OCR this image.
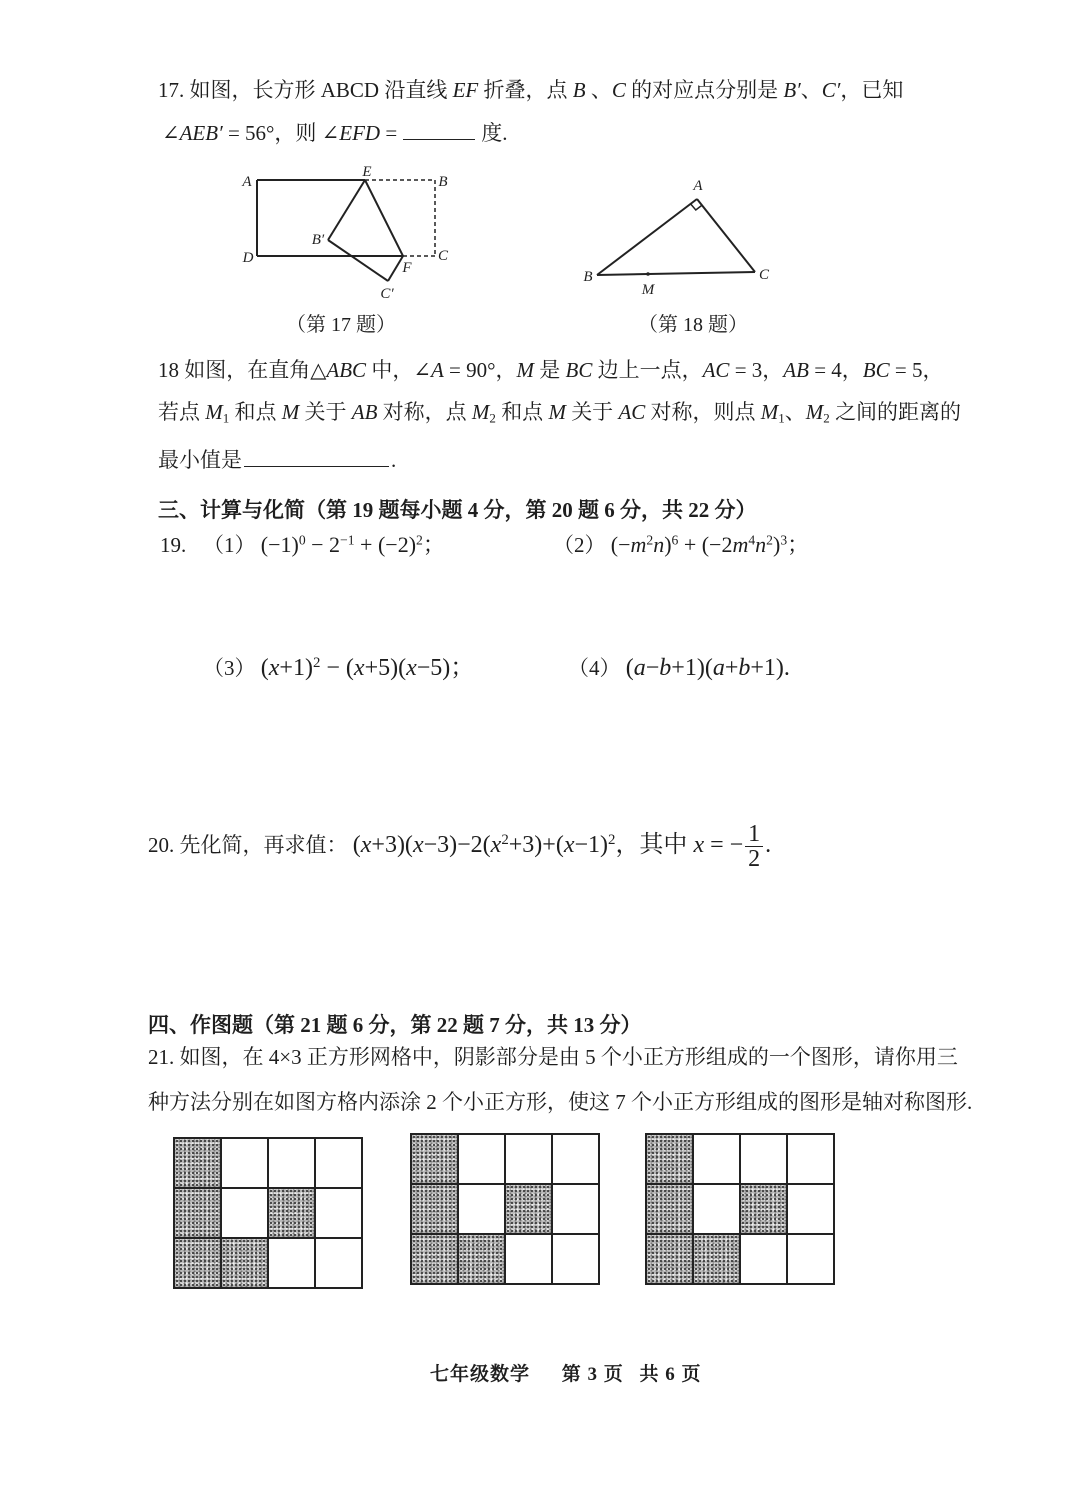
17. 如图，长方形 ABCD 沿直线 EF 折叠，点 B 、C 的对应点分别是 B′、C′，已知
∠AEB′ = 56°，则 ∠EFD =	度.
A
E
B
D	C
F
B′
C′
A
B	C
M
（第 17 题）	（第 18 题）
18 如图，在直角△ABC 中，∠A = 90°，M 是 BC 边上一点，AC = 3，AB = 4，BC = 5，
若点 $M_1$ 和点 M 关于 AB 对称，点 $M_2$ 和点 M 关于 AC 对称，则点 $M_1$、$M_2$ 之间的距离的
最小值是	.
三、计算与化简（第 19 题每小题 4 分，第 20 题 6 分，共 22 分）
19. （1） $(-1)^0 - 2^{-1} + (-2)^2$；	（2） $(-m^2n)^6 + (-2m^4n^2)^3$；
（3） $(x+1)^2 - (x+5)(x-5)$；	（4） (a−b+1)(a+b+1).
20. 先化简，再求值： $(x+3)(x-3)-2(x^2+3)+(x-1)^2$，其中 x = − $\frac{1}{2}$ .
四、作图题（第 21 题 6 分，第 22 题 7 分，共 13 分）
21. 如图，在 4×3 正方形网格中，阴影部分是由 5 个小正方形组成的一个图形，请你用三
种方法分别在如图方格内添涂 2 个小正方形，使这 7 个小正方形组成的图形是轴对称图形.
七年级数学 第 3 页 共 6 页
